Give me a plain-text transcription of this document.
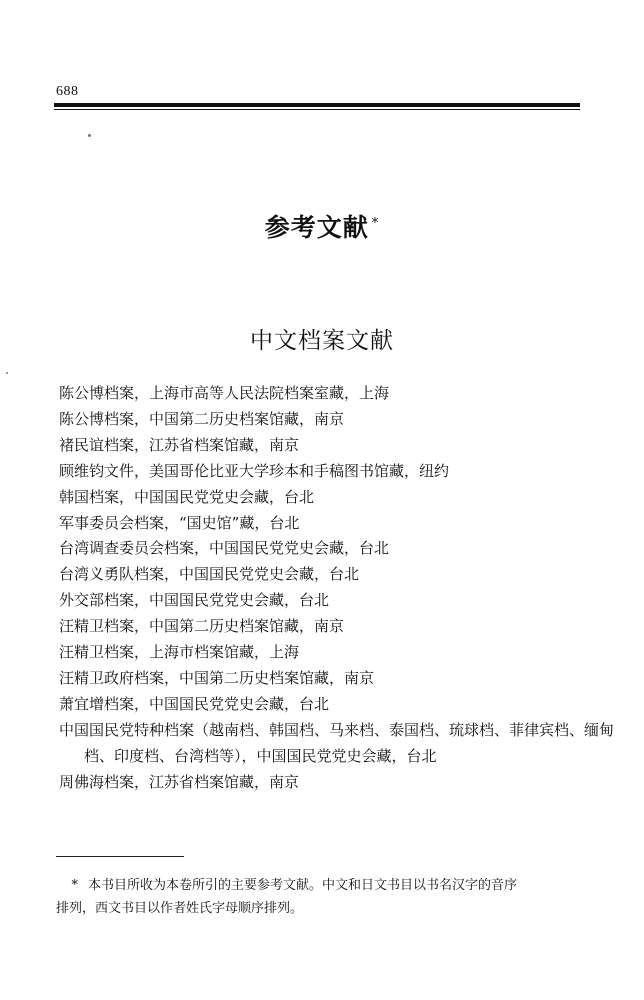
688
参考文献 *
中文档案文献
陈公博档案，上海市高等人民法院档案室藏，上海
陈公博档案，中国第二历史档案馆藏，南京
褚民谊档案，江苏省档案馆藏，南京
顾维钧文件，美国哥伦比亚大学珍本和手稿图书馆藏，纽约
韩国档案，中国国民党党史会藏，台北
军事委员会档案，“国史馆”藏，台北
台湾调查委员会档案，中国国民党党史会藏，台北
台湾义勇队档案，中国国民党党史会藏，台北
外交部档案，中国国民党党史会藏，台北
汪精卫档案，中国第二历史档案馆藏，南京
汪精卫档案，上海市档案馆藏，上海
汪精卫政府档案，中国第二历史档案馆藏，南京
萧宜增档案，中国国民党党史会藏，台北
中国国民党特种档案（越南档、韩国档、马来档、泰国档、琉球档、菲律宾档、缅甸
档、印度档、台湾档等），中国国民党党史会藏，台北
周佛海档案，江苏省档案馆藏，南京
* 本书目所收为本卷所引的主要参考文献。中文和日文书目以书名汉字的音序
排列，西文书目以作者姓氏字母顺序排列。
